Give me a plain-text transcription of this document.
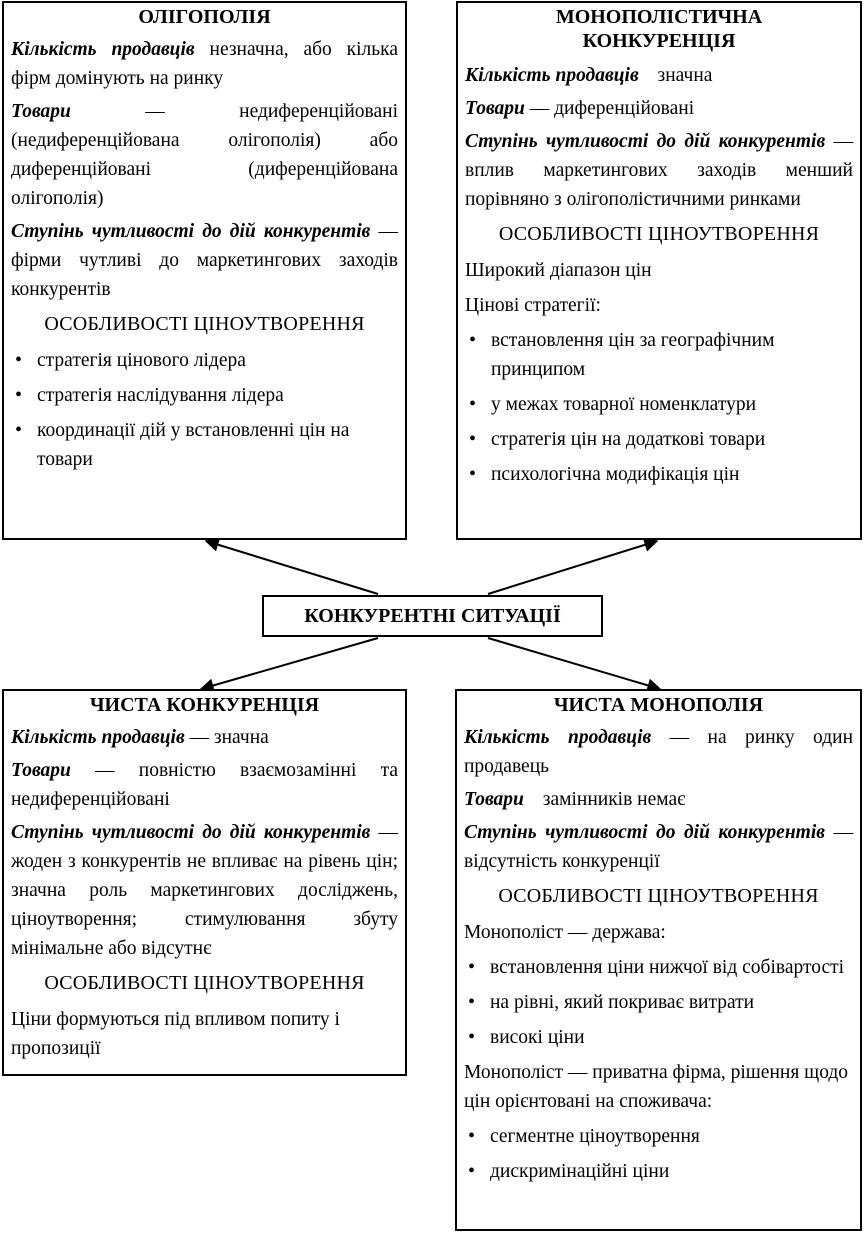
ОЛІГОПОЛІЯ
Кількість продавців незначна, або кілька фірм домінують на ринку
Товари	— недиференційовані (недиференційована олігополія) або диференційовані (диференційована олігополія)
Ступінь чутливості до дій конкурентів — фірми чутливі до маркетингових заходів конкурентів
ОСОБЛИВОСТІ ЦІНОУТВОРЕННЯ
• стратегія цінового лідера
• стратегія наслідування лідера
• координації дій у встановленні цін на товари
МОНОПОЛІСТИЧНА
КОНКУРЕНЦІЯ
Кількість продавців значна
Товари — диференційовані
Ступінь чутливості до дій конкурентів — вплив маркетингових заходів менший порівняно з олігополістичними ринками
ОСОБЛИВОСТІ ЦІНОУТВОРЕННЯ
Широкий діапазон цін
Цінові стратегії:
• встановлення цін за географічним принципом
• у межах товарної номенклатури
• стратегія цін на додаткові товари
• психологічна модифікація цін
КОНКУРЕНТНІ СИТУАЦІЇ
ЧИСТА КОНКУРЕНЦІЯ
Кількість продавців — значна
Товари — повністю взаємозамінні та недиференційовані
Ступінь чутливості до дій конкурентів — жоден з конкурентів не впливає на рівень цін; значна роль маркетингових досліджень, ціноутворення; стимулювання збуту мінімальне або відсутнє
ОСОБЛИВОСТІ ЦІНОУТВОРЕННЯ
Ціни формуються під впливом попиту і пропозиції
ЧИСТА МОНОПОЛІЯ
Кількість продавців — на ринку один продавець
Товари замінників немає
Ступінь чутливості до дій конкурентів — відсутність конкуренції
ОСОБЛИВОСТІ ЦІНОУТВОРЕННЯ
Монополіст — держава:
• встановлення ціни нижчої від собівартості
• на рівні, який покриває витрати
• високі ціни
Монополіст — приватна фірма, рішення щодо цін орієнтовані на споживача:
• сегментне ціноутворення
• дискримінаційні ціни
